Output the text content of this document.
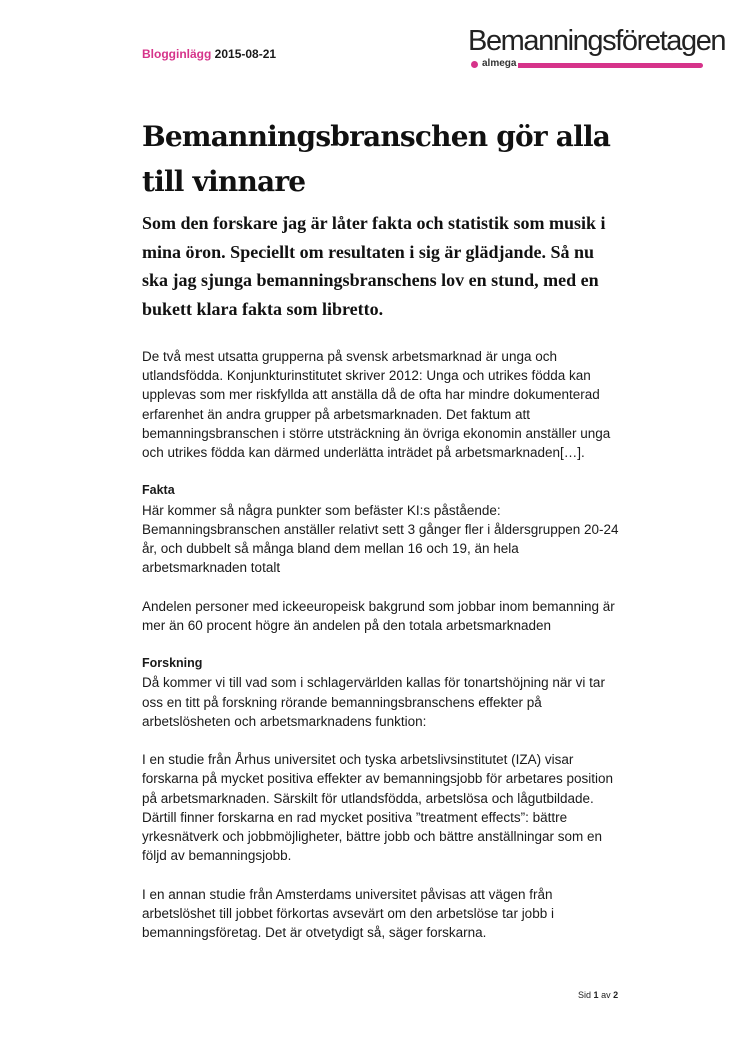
Blogginlägg 2015-08-21	Bemanningsföretagen
almega
Bemanningsbranschen gör alla till vinnare

Som den forskare jag är låter fakta och statistik som musik i mina öron. Speciellt om resultaten i sig är glädjande. Så nu ska jag sjunga bemanningsbranschens lov en stund, med en bukett klara fakta som libretto.

De två mest utsatta grupperna på svensk arbetsmarknad är unga och utlandsfödda. Konjunkturinstitutet skriver 2012: Unga och utrikes födda kan upplevas som mer riskfyllda att anställa då de ofta har mindre dokumenterad erfarenhet än andra grupper på arbetsmarknaden. Det faktum att bemanningsbranschen i större utsträckning än övriga ekonomin anställer unga och utrikes födda kan därmed underlätta inträdet på arbetsmarknaden[…].

Fakta

Här kommer så några punkter som befäster KI:s påstående: Bemanningsbranschen anställer relativt sett 3 gånger fler i åldersgruppen 20-24 år, och dubbelt så många bland dem mellan 16 och 19, än hela arbetsmarknaden totalt

Andelen personer med ickeeuropeisk bakgrund som jobbar inom bemanning är mer än 60 procent högre än andelen på den totala arbetsmarknaden

Forskning

Då kommer vi till vad som i schlagervärlden kallas för tonartshöjning när vi tar oss en titt på forskning rörande bemanningsbranschens effekter på arbetslösheten och arbetsmarknadens funktion:

I en studie från Århus universitet och tyska arbetslivsinstitutet (IZA) visar forskarna på mycket positiva effekter av bemanningsjobb för arbetares position på arbetsmarknaden. Särskilt för utlandsfödda, arbetslösa och lågutbildade. Därtill finner forskarna en rad mycket positiva ”treatment effects”: bättre yrkesnätverk och jobbmöjligheter, bättre jobb och bättre anställningar som en följd av bemanningsjobb.

I en annan studie från Amsterdams universitet påvisas att vägen från arbetslöshet till jobbet förkortas avsevärt om den arbetslöse tar jobb i bemanningsföretag. Det är otvetydigt så, säger forskarna.

Sid 1 av 2
